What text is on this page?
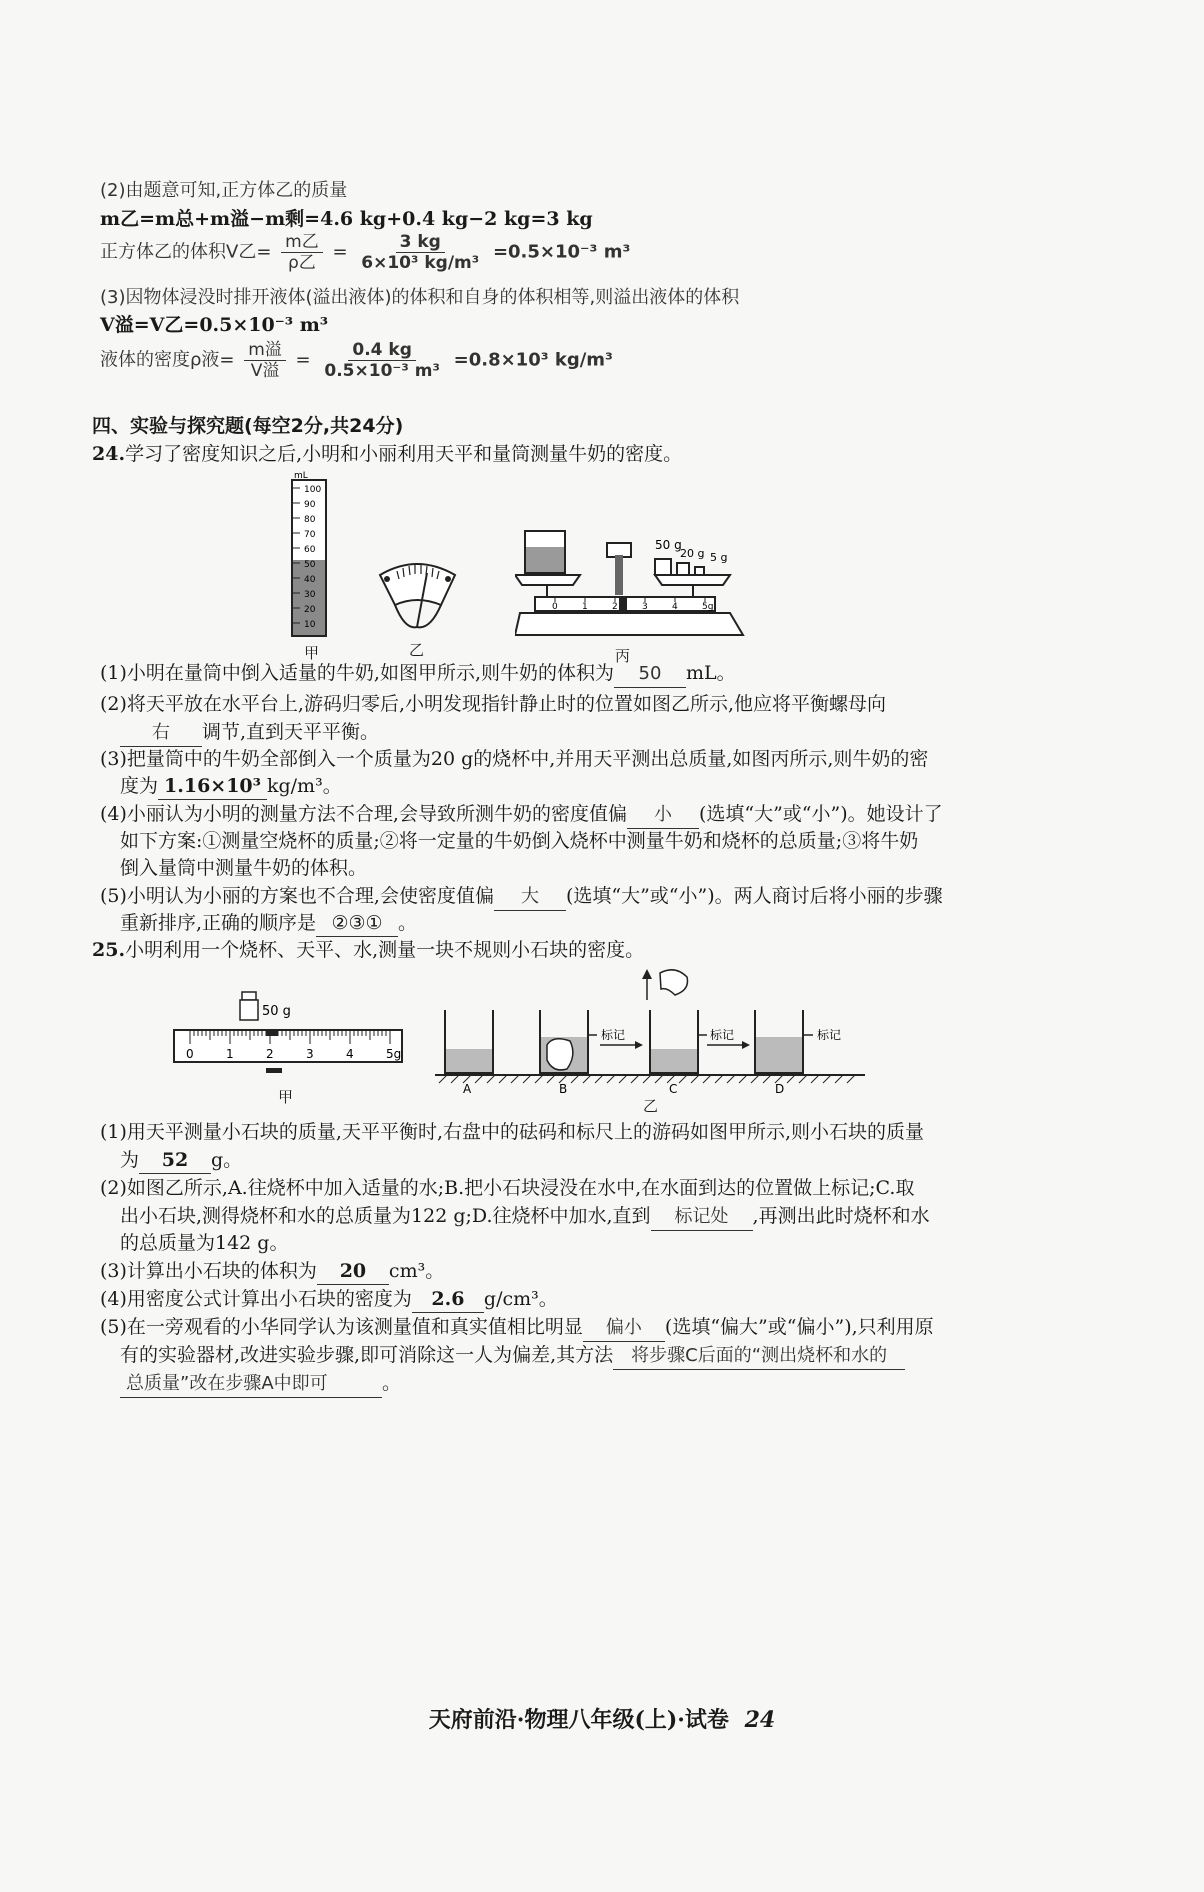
(2)由题意可知,正方体乙的质量
m乙=m总+m溢−m剩=4.6 kg+0.4 kg−2 kg=3 kg
正方体乙的体积V乙= $\frac{\text{m乙}}{\text{ρ乙}} = \frac{3 kg}{\text{6×10³ kg/m³}} =0.5\times 10^{-3}$ m³
(3)因物体浸没时排开液体(溢出液体)的体积和自身的体积相等,则溢出液体的体积
V溢=V乙=0.5×10⁻³ m³
液体的密度ρ液= $\frac{\text{m溢}}{\text{V溢}} = \frac{0.4 kg}{\text{0.5×10⁻³ m³}} =0.8\times 10^3$ kg/m³
四、实验与探究题(每空2分,共24分)
24.学习了密度知识之后,小明和小丽利用天平和量筒测量牛奶的密度。
100
90
80
70
60
50
40
30
20
10
mL
甲	乙
50 g
20 g 5 g
0	1	2	3	4	5g
丙
(1)小明在量筒中倒入适量的牛奶,如图甲所示,则牛奶的体积为 50 mL。
(2)将天平放在水平台上,游码归零后,小明发现指针静止时的位置如图乙所示,他应将平衡螺母向
右 调节,直到天平平衡。
(3)把量筒中的牛奶全部倒入一个质量为20 g的烧杯中,并用天平测出总质量,如图丙所示,则牛奶的密
度为 1.16×10³ kg/m³。
(4)小丽认为小明的测量方法不合理,会导致所测牛奶的密度值偏 小 (选填“大”或“小”)。她设计了
如下方案:①测量空烧杯的质量;②将一定量的牛奶倒入烧杯中测量牛奶和烧杯的总质量;③将牛奶
倒入量筒中测量牛奶的体积。
(5)小明认为小丽的方案也不合理,会使密度值偏 大 (选填“大”或“小”)。两人商讨后将小丽的步骤
重新排序,正确的顺序是 ②③① 。
25.小明利用一个烧杯、天平、水,测量一块不规则小石块的密度。
50 g
0	1	2	3	4	5g
甲
标记	标记	标记
A	B	C	D
乙
(1)用天平测量小石块的质量,天平平衡时,右盘中的砝码和标尺上的游码如图甲所示,则小石块的质量
为 52 g。
(2)如图乙所示,A.往烧杯中加入适量的水;B.把小石块浸没在水中,在水面到达的位置做上标记;C.取
出小石块,测得烧杯和水的总质量为122 g;D.往烧杯中加水,直到 标记处 ,再测出此时烧杯和水
的总质量为142 g。
(3)计算出小石块的体积为 20 cm³。
(4)用密度公式计算出小石块的密度为 2.6 g/cm³。
(5)在一旁观看的小华同学认为该测量值和真实值相比明显 偏小 (选填“偏大”或“偏小”),只利用原
有的实验器材,改进实验步骤,即可消除这一人为偏差,其方法 将步骤C后面的“测出烧杯和水的
总质量”改在步骤A中即可	。
天府前沿·物理八年级(上)·试卷 24
